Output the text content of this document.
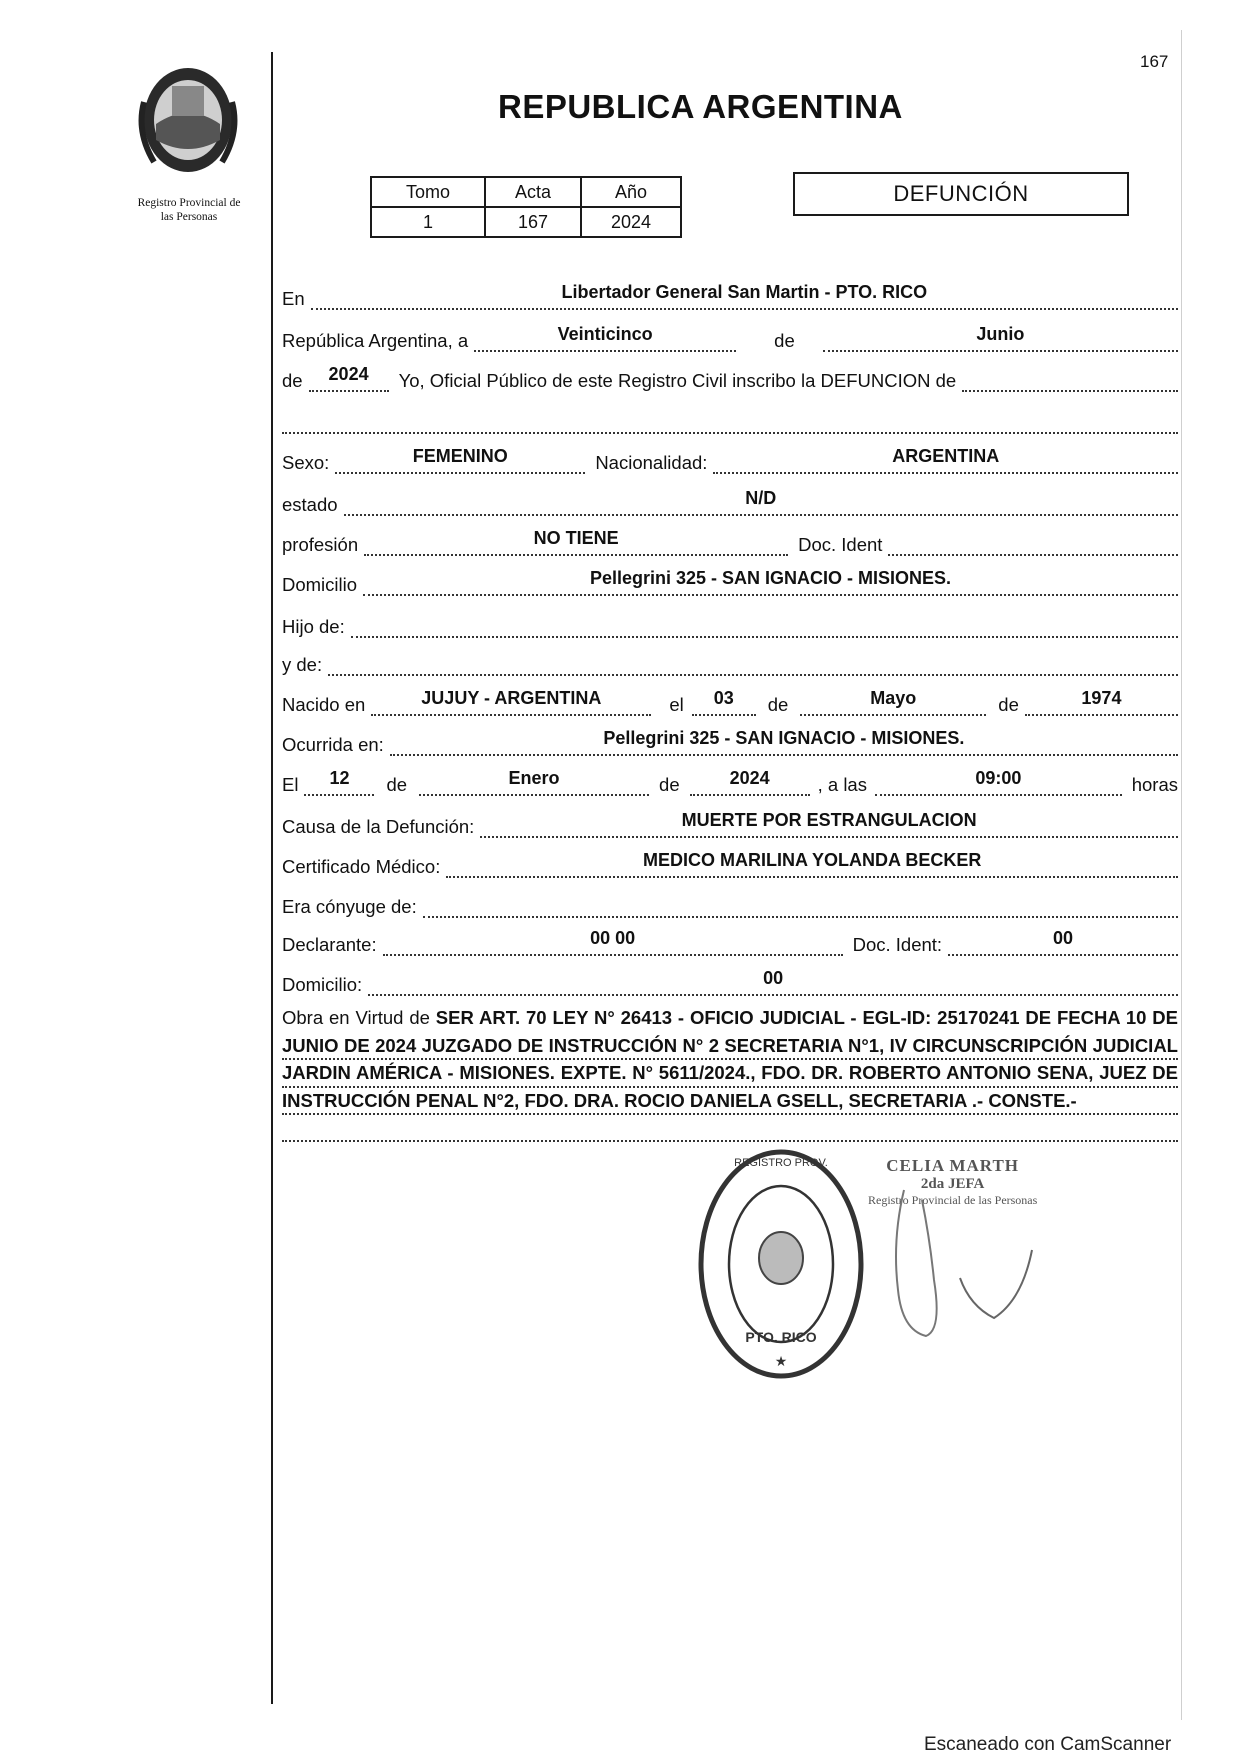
167
REPUBLICA ARGENTINA
Registro Provincial de
las Personas
Tomo	Acta	Año
1	167	2024
DEFUNCIÓN
En	Libertador General San Martin - PTO. RICO
República Argentina, a	Veinticinco	de	Junio
de	2024	Yo, Oficial Público de este Registro Civil inscribo la DEFUNCION de
Sexo:	FEMENINO	Nacionalidad:	ARGENTINA
estado	N/D
profesión	NO TIENE	Doc. Ident
Domicilio	Pellegrini 325 - SAN IGNACIO - MISIONES.
Hijo de:
y de:
Nacido en	JUJUY - ARGENTINA	el	03	de	Mayo	de	1974
Ocurrida en:	Pellegrini 325 - SAN IGNACIO - MISIONES.
El	12	de	Enero	de	2024	, a las	09:00	horas
Causa de la Defunción:	MUERTE POR ESTRANGULACION
Certificado Médico:	MEDICO MARILINA YOLANDA BECKER
Era cónyuge de:
Declarante:	00 00	Doc. Ident:	00
Domicilio:	00
Obra en Virtud de SER ART. 70 LEY N° 26413 - OFICIO JUDICIAL - EGL-ID: 25170241 DE FECHA 10 DE JUNIO DE 2024 JUZGADO DE INSTRUCCIÓN N° 2 SECRETARIA N°1, IV CIRCUNSCRIPCIÓN JUDICIAL JARDIN AMÉRICA - MISIONES. EXPTE. N° 5611/2024., FDO. DR. ROBERTO ANTONIO SENA, JUEZ DE INSTRUCCIÓN PENAL N°2, FDO. DRA. ROCIO DANIELA GSELL, SECRETARIA .- CONSTE.-
REGISTRO PROV.
PTO. RICO
★
CELIA MARTH
2da JEFA
Registro Provincial de las Personas
Escaneado con CamScanner
